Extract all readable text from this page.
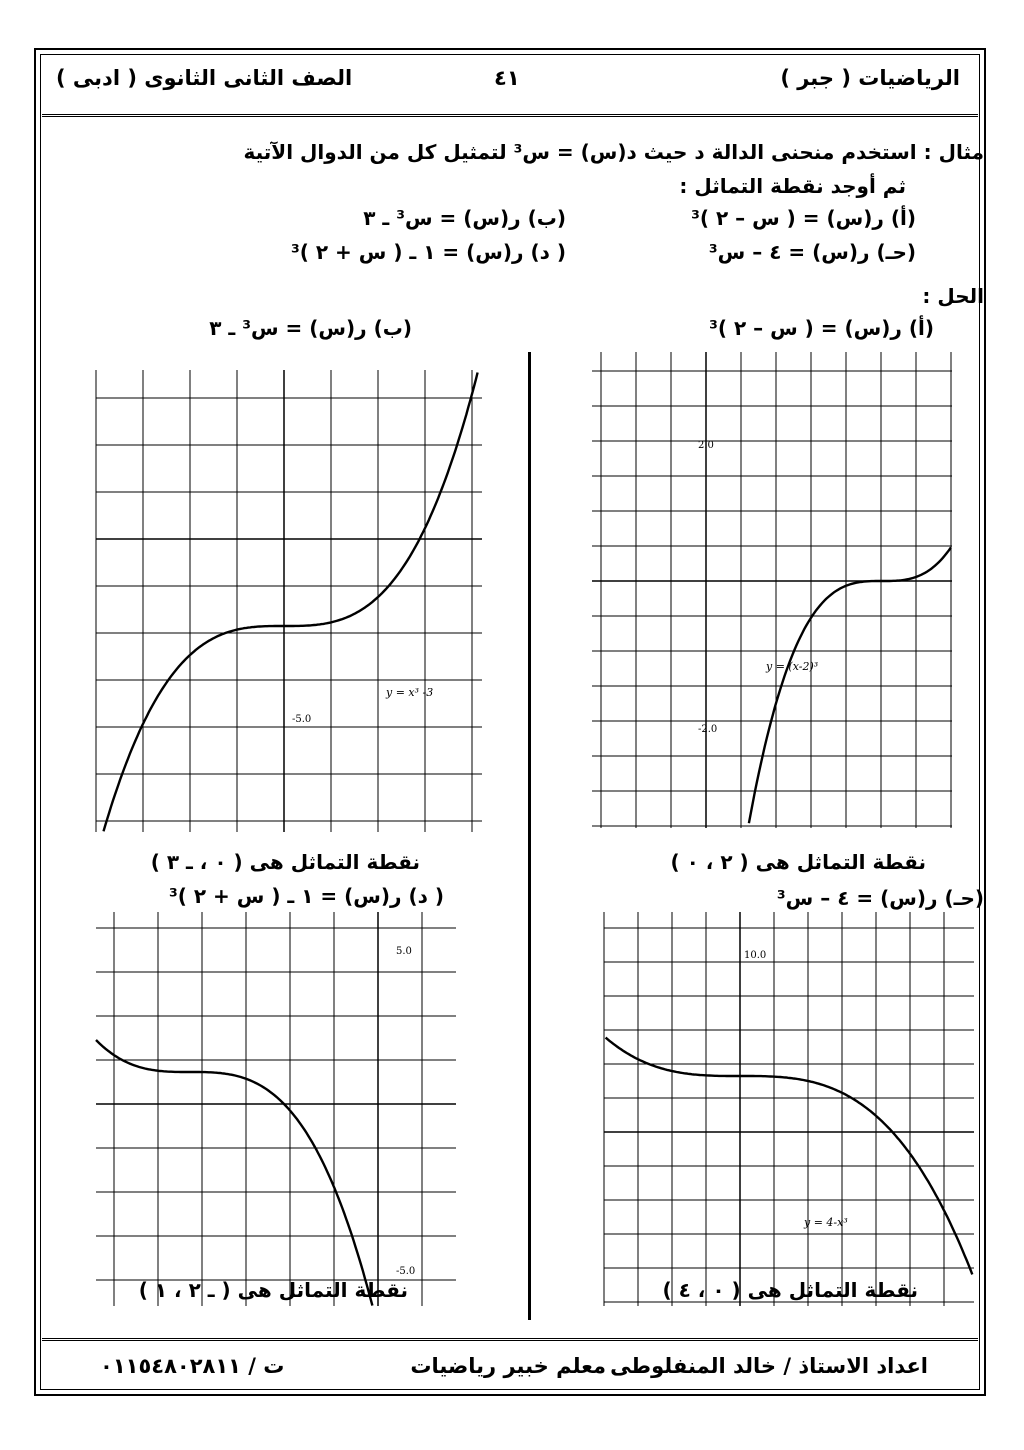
الرياضيات ( جبر )
٤١
الصف الثانى الثانوى ( ادبى )
مثال : استخدم منحنى الدالة د حيث د(س) = س³ لتمثيل كل من الدوال الآتية
ثم أوجد نقطة التماثل :
(أ) ر(س) = ( س – ٢ )³
(ب) ر(س) = س³ ـ ٣
(حـ) ر(س) = ٤ – س³
( د) ر(س) = ١ ـ ( س + ٢ )³
الحل :
(أ) ر(س) = ( س – ٢ )³
(ب) ر(س) = س³ ـ ٣
2.0
-2.0
y = (x-2)³
-5.0
y = x³ -3
نقطة التماثل هى ( ٢ ، ٠ )
نقطة التماثل هى ( ٠ ، ـ ٣ )
(حـ) ر(س) = ٤ – س³
( د) ر(س) = ١ ـ ( س + ٢ )³
10.0
y = 4-x³
5.0
-5.0
نقطة التماثل هى ( ٠ ، ٤ )
نقطة التماثل هى ( ـ ٢ ، ١ )
اعداد الاستاذ / خالد المنفلوطى
معلم خبير رياضيات
ت / ٠١١٥٤٨٠٢٨١١
